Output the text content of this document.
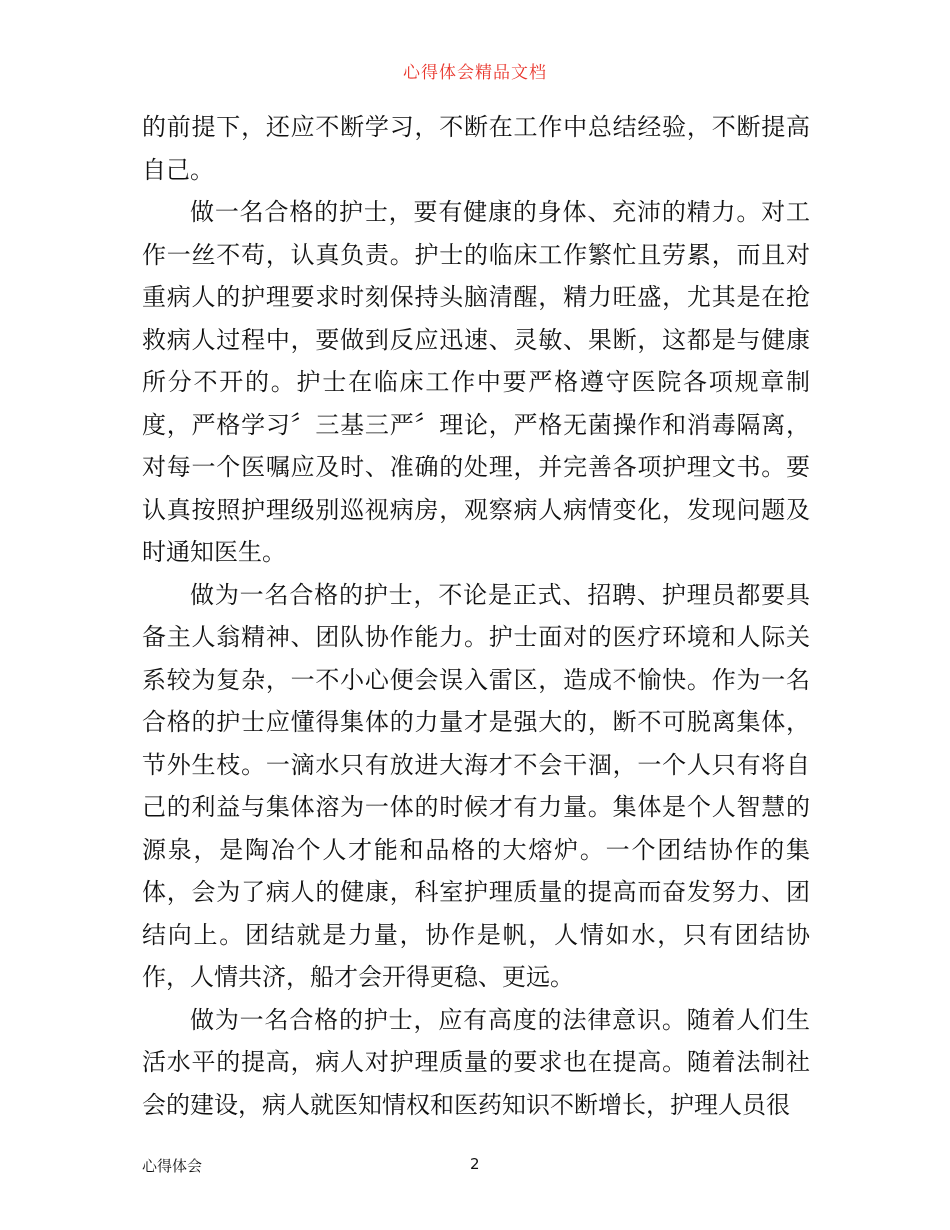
心得体会精品文档

的前提下，还应不断学习，不断在工作中总结经验，不断提高自己。

做一名合格的护士，要有健康的身体、充沛的精力。对工作一丝不苟，认真负责。护士的临床工作繁忙且劳累，而且对重病人的护理要求时刻保持头脑清醒，精力旺盛，尤其是在抢救病人过程中，要做到反应迅速、灵敏、果断，这都是与健康所分不开的。护士在临床工作中要严格遵守医院各项规章制度，严格学习〞三基三严〞理论，严格无菌操作和消毒隔离，对每一个医嘱应及时、准确的处理，并完善各项护理文书。要认真按照护理级别巡视病房，观察病人病情变化，发现问题及时通知医生。

做为一名合格的护士，不论是正式、招聘、护理员都要具备主人翁精神、团队协作能力。护士面对的医疗环境和人际关系较为复杂，一不小心便会误入雷区，造成不愉快。作为一名合格的护士应懂得集体的力量才是强大的，断不可脱离集体，节外生枝。一滴水只有放进大海才不会干涸，一个人只有将自己的利益与集体溶为一体的时候才有力量。集体是个人智慧的源泉，是陶冶个人才能和品格的大熔炉。一个团结协作的集体，会为了病人的健康，科室护理质量的提高而奋发努力、团结向上。团结就是力量，协作是帆，人情如水，只有团结协作，人情共济，船才会开得更稳、更远。

做为一名合格的护士，应有高度的法律意识。随着人们生活水平的提高，病人对护理质量的要求也在提高。随着法制社会的建设，病人就医知情权和医药知识不断增长，护理人员很

心得体会	2
